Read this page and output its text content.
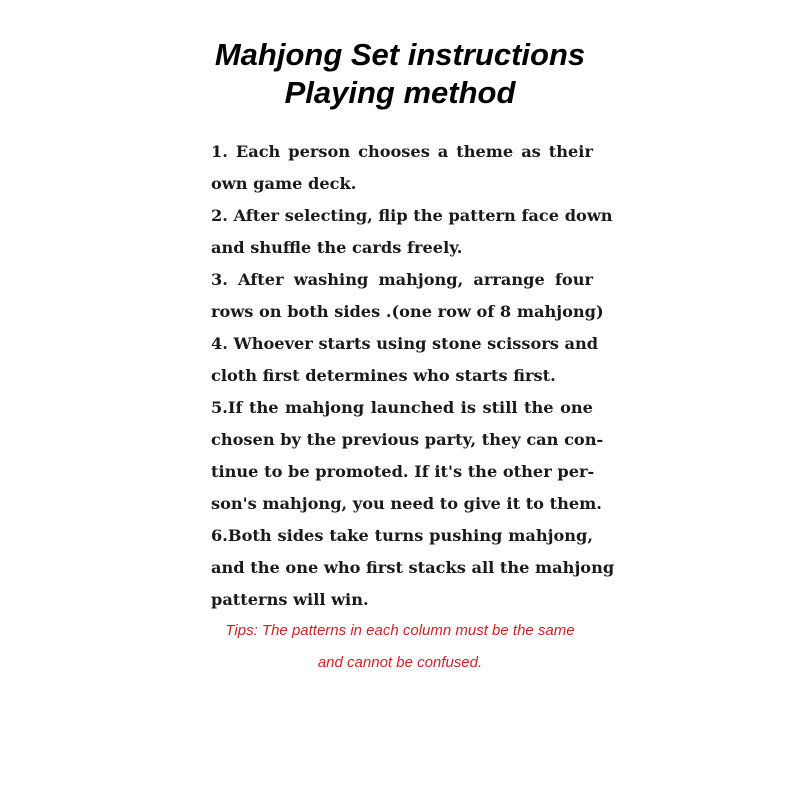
Mahjong Set instructions
Playing method
1. Each person chooses a theme as their
own game deck.
2. After selecting, flip the pattern face down
and shuffle the cards freely.
3. After washing mahjong, arrange four
rows on both sides .(one row of 8 mahjong)
4. Whoever starts using stone scissors and
cloth first determines who starts first.
5.If the mahjong launched is still the one
chosen by the previous party, they can con-
tinue to be promoted. If it's the other per-
son's mahjong, you need to give it to them.
6.Both sides take turns pushing mahjong,
and the one who first stacks all the mahjong
patterns will win.

Tips: The patterns in each column must be the same

and cannot be confused.
